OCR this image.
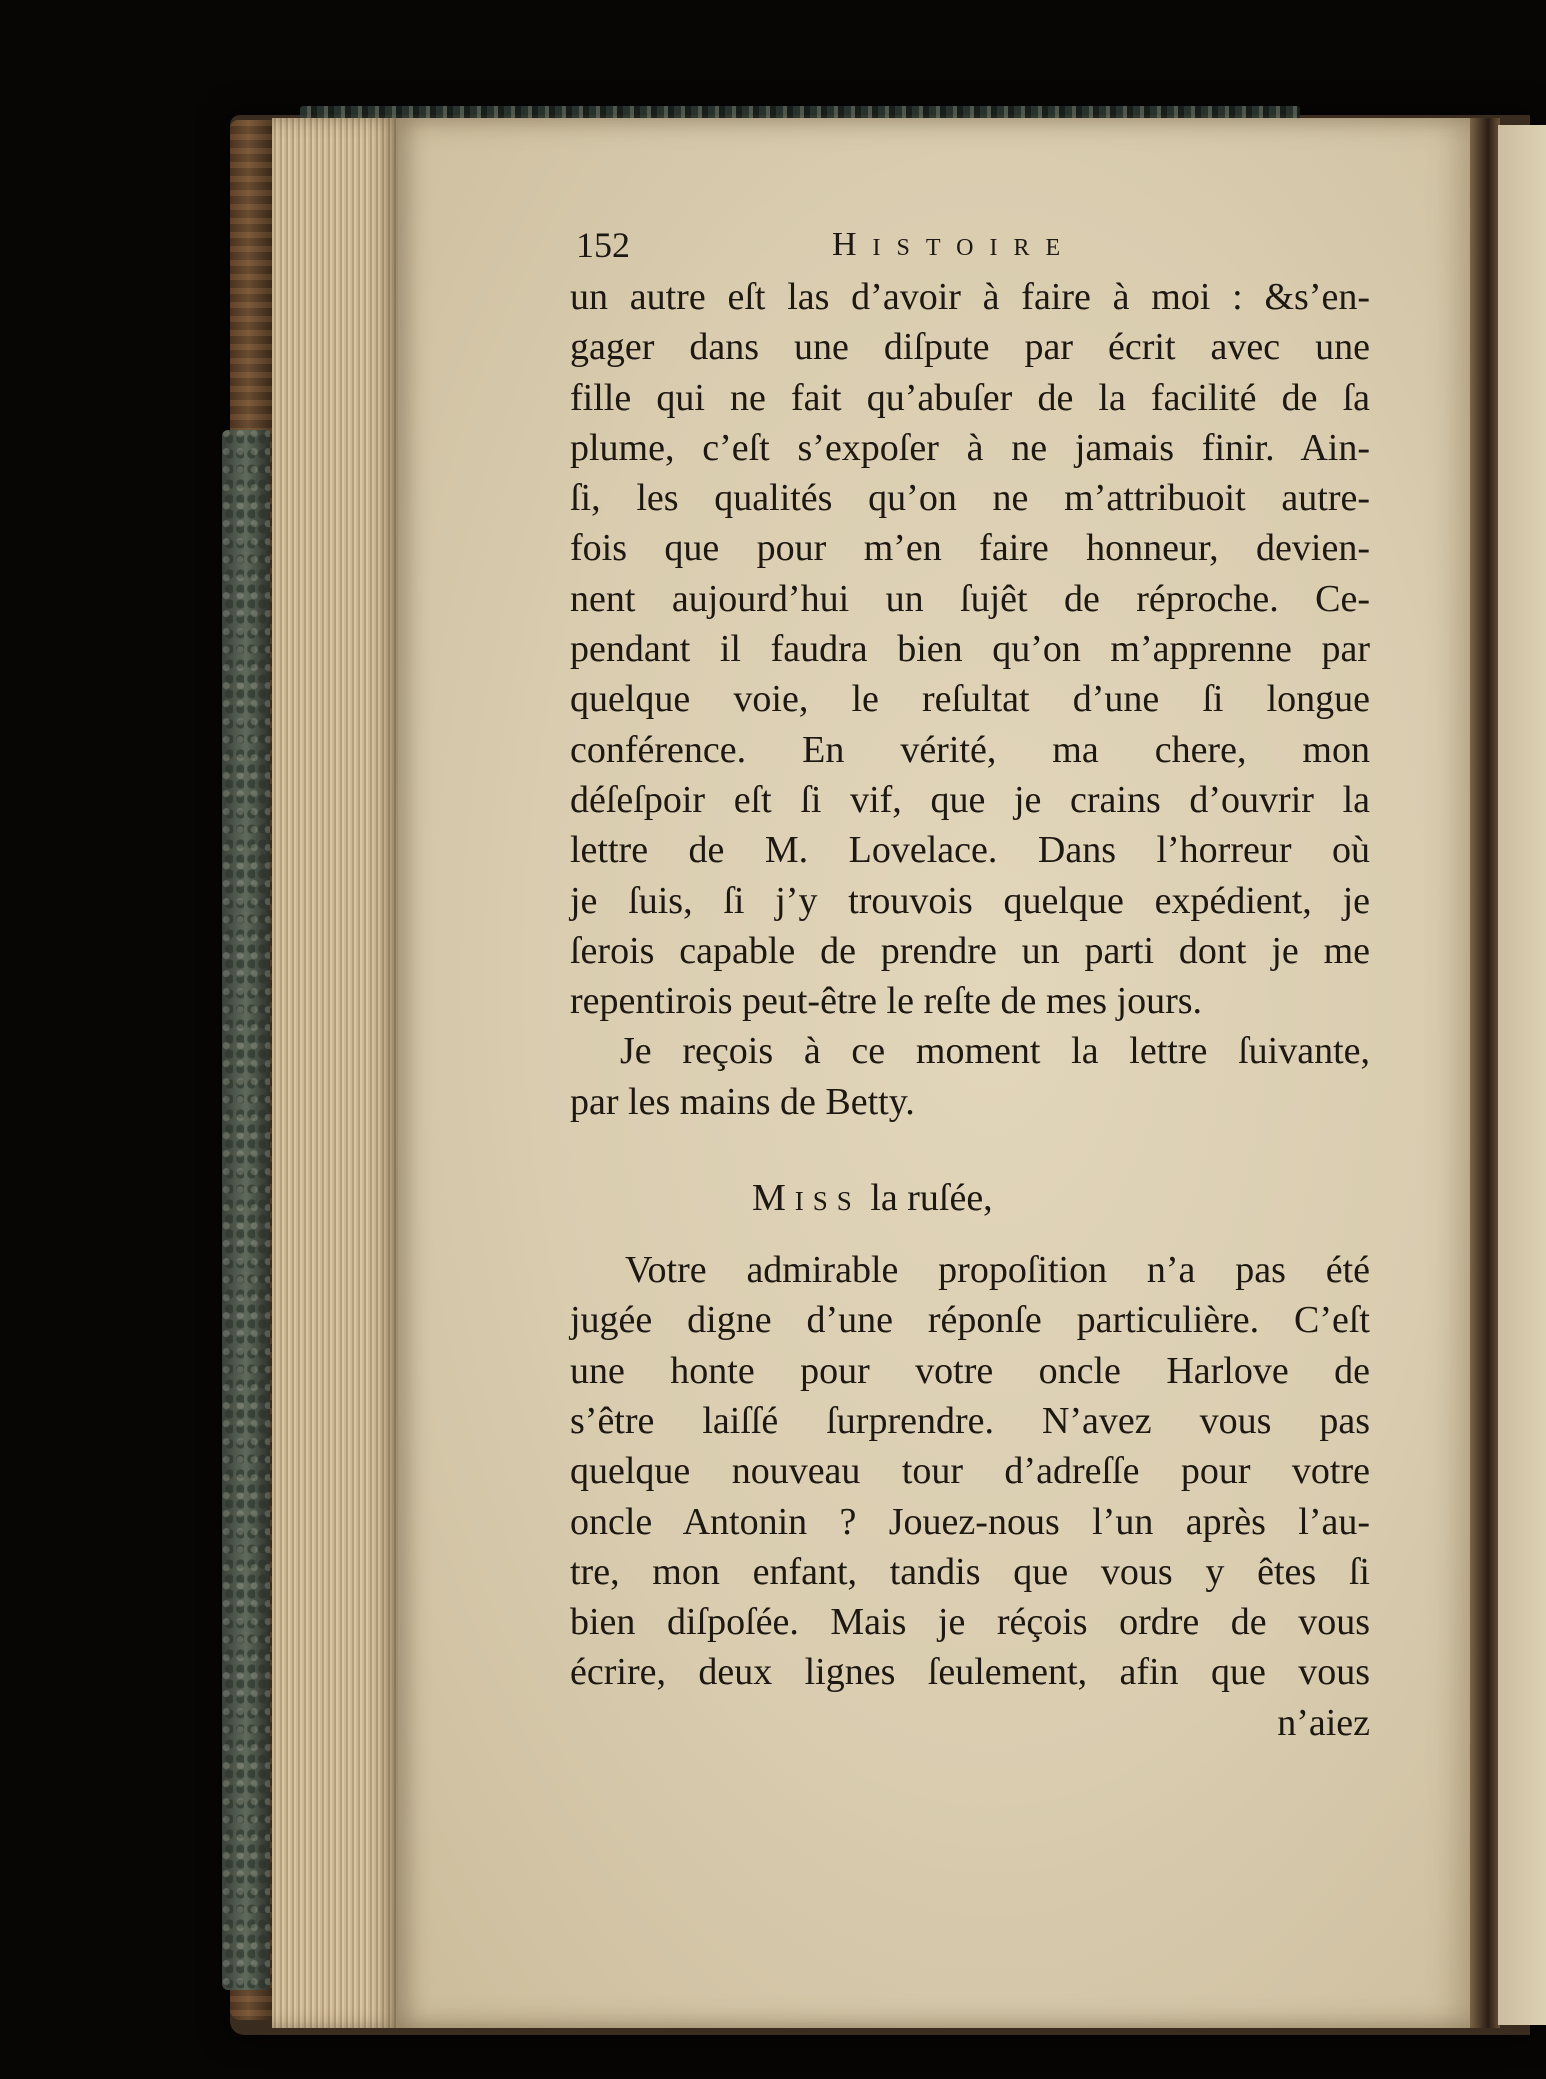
152	Histoire
un autre eſt las d’avoir à faire à moi : &s’en-
gager dans une diſpute par écrit avec une
fille qui ne fait qu’abuſer de la facilité de ſa
plume, c’eſt s’expoſer à ne jamais finir. Ain-
ſi, les qualités qu’on ne m’attribuoit autre-
fois que pour m’en faire honneur, devien-
nent aujourd’hui un ſujêt de réproche. Ce-
pendant il faudra bien qu’on m’apprenne par
quelque voie, le reſultat d’une ſi longue
conférence. En vérité, ma chere, mon
déſeſpoir eſt ſi vif, que je crains d’ouvrir la
lettre de M. Lovelace. Dans l’horreur où
je ſuis, ſi j’y trouvois quelque expédient, je
ſerois capable de prendre un parti dont je me
repentirois peut-être le reſte de mes jours.
Je reçois à ce moment la lettre ſuivante,
par les mains de Betty.
Miss la ruſée,
Votre admirable propoſition n’a pas été
jugée digne d’une réponſe particulière. C’eſt
une honte pour votre oncle Harlove de
s’être laiſſé ſurprendre. N’avez vous pas
quelque nouveau tour d’adreſſe pour votre
oncle Antonin ? Jouez-nous l’un après l’au-
tre, mon enfant, tandis que vous y êtes ſi
bien diſpoſée. Mais je réçois ordre de vous
écrire, deux lignes ſeulement, afin que vous
n’aiez
